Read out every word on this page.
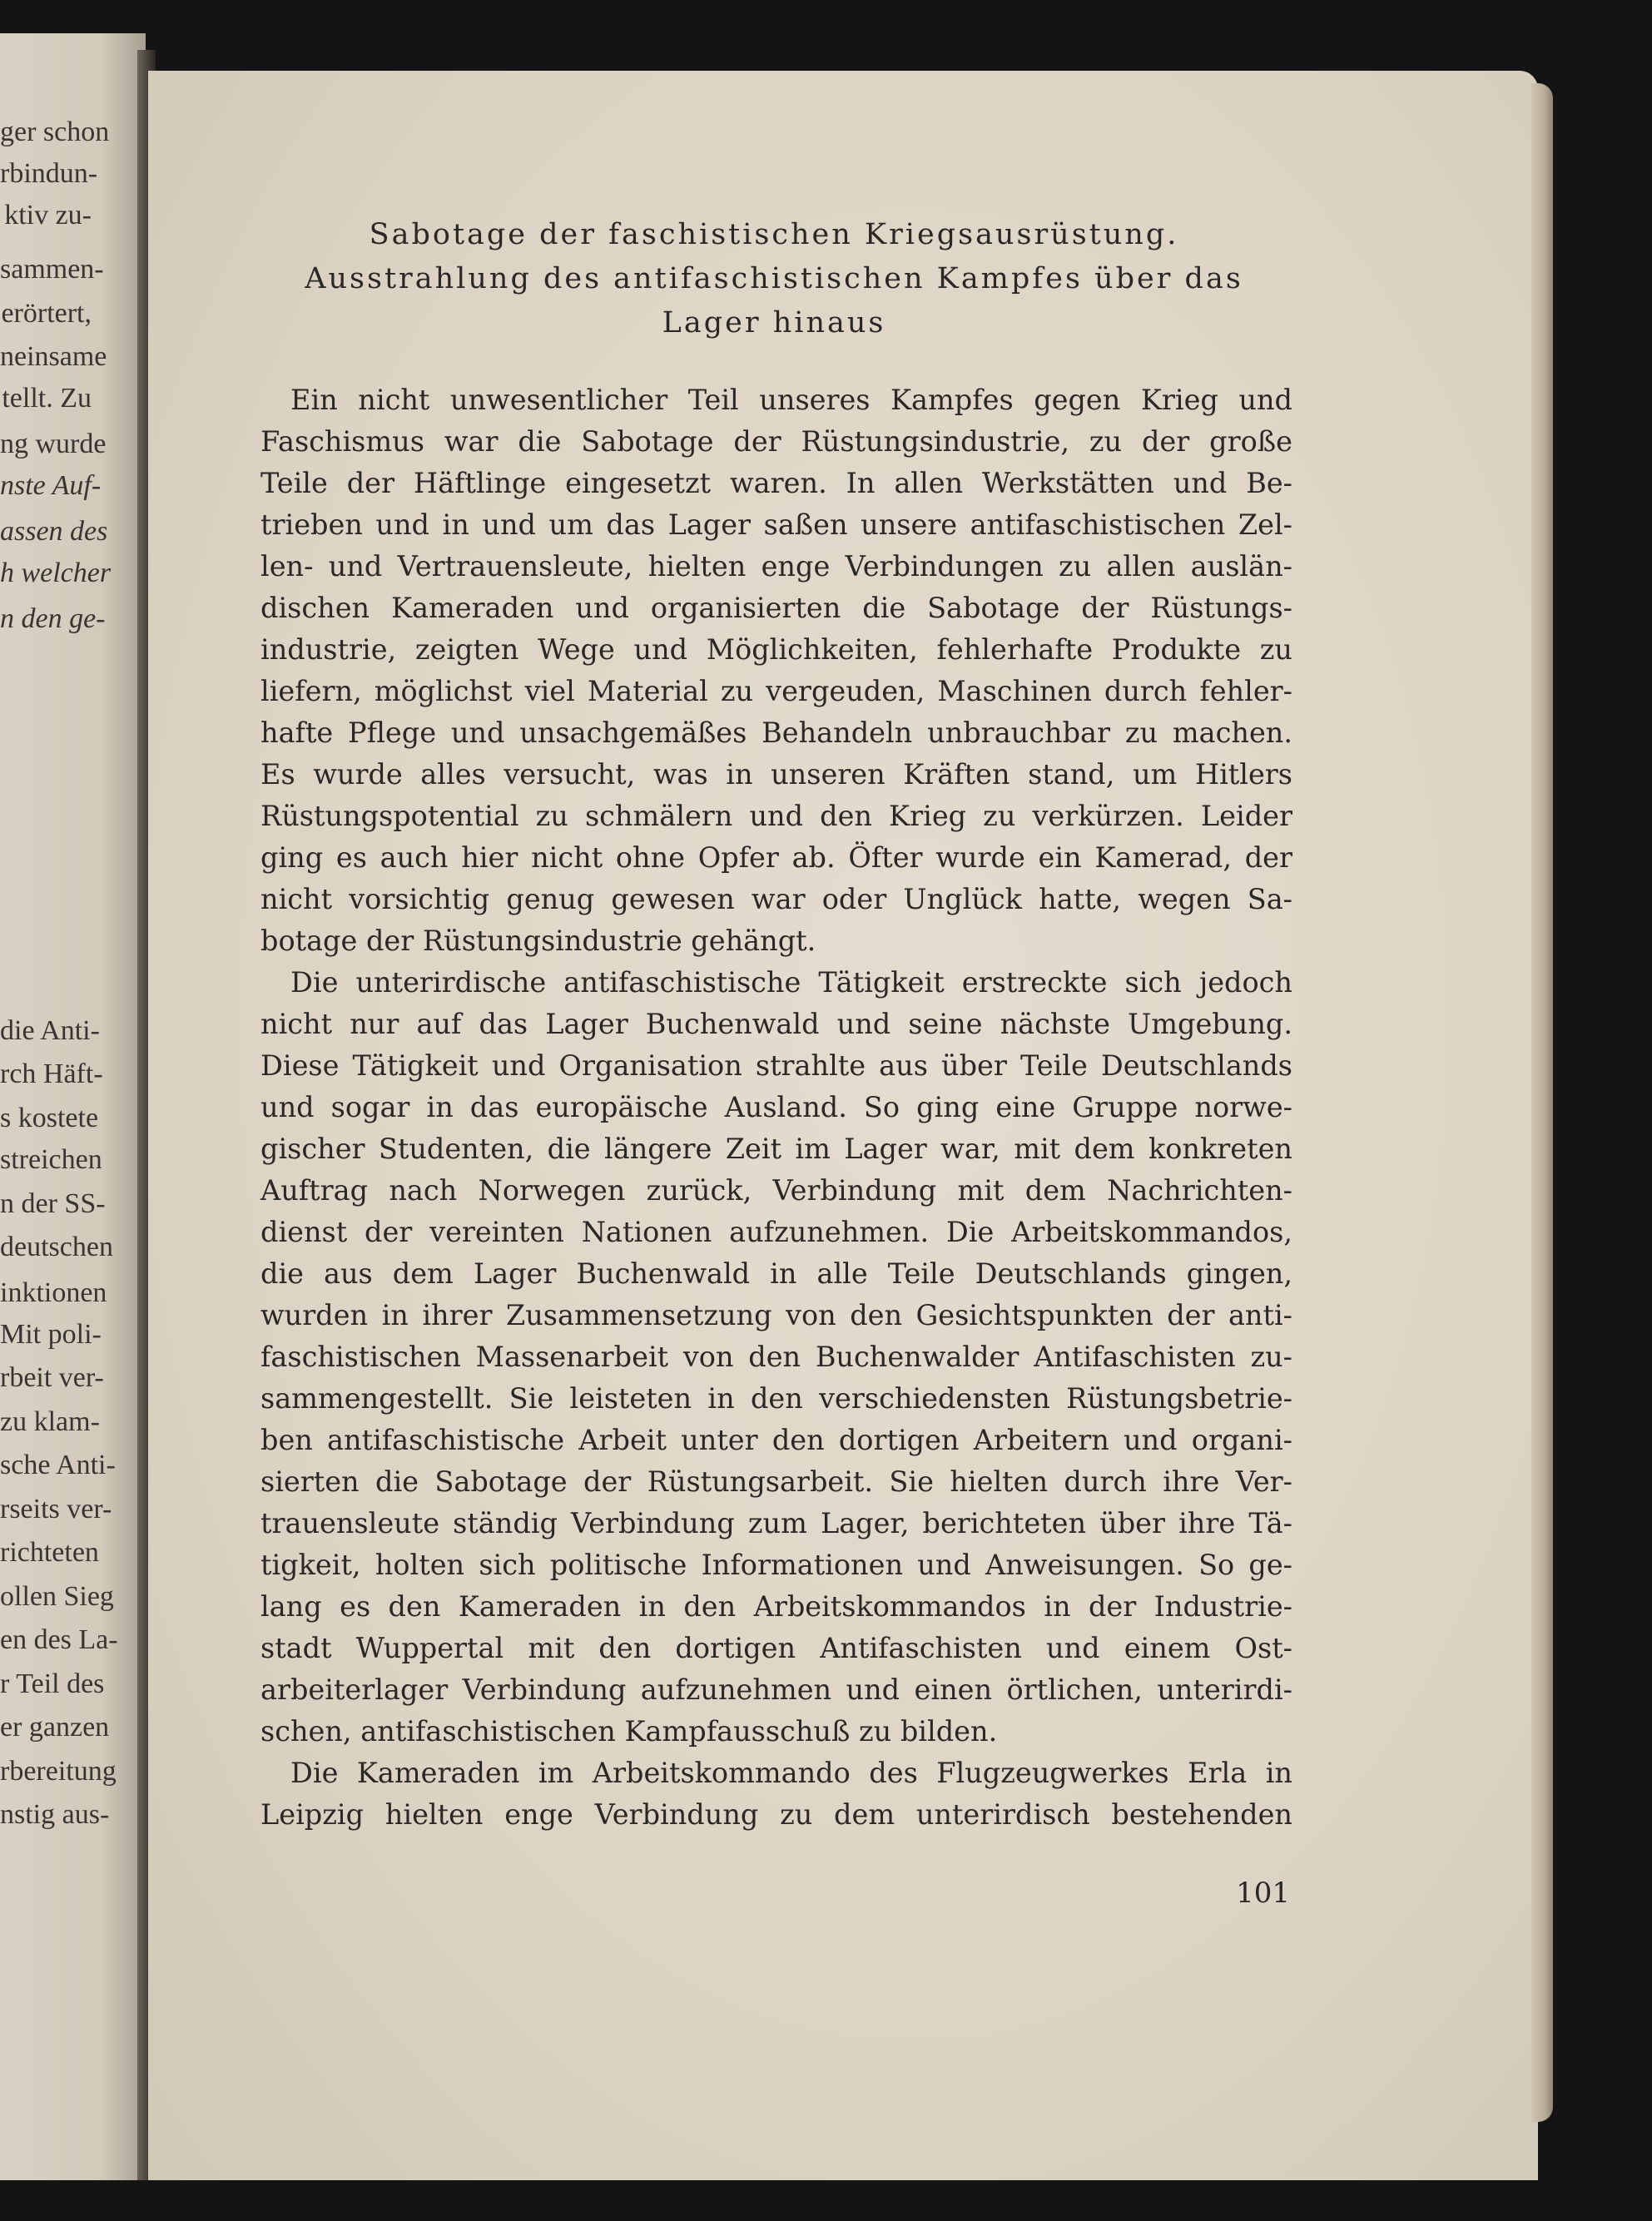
ger schon
rbindun-
ktiv zu-
sammen-
erörtert,
neinsame
tellt. Zu
ng wurde
nste Auf-
assen des
h welcher
n den ge-
die Anti-
rch Häft-
s kostete
streichen
n der SS-
deutschen
inktionen
Mit poli-
rbeit ver-
zu klam-
sche Anti-
rseits ver-
richteten
ollen Sieg
en des La-
r Teil des
er ganzen
rbereitung
nstig aus-
Sabotage der faschistischen Kriegsausrüstung.
Ausstrahlung des antifaschistischen Kampfes über das
Lager hinaus

Ein nicht unwesentlicher Teil unseres Kampfes gegen Krieg und
Faschismus war die Sabotage der Rüstungsindustrie, zu der große
Teile der Häftlinge eingesetzt waren. In allen Werkstätten und Be-
trieben und in und um das Lager saßen unsere antifaschistischen Zel-
len- und Vertrauensleute, hielten enge Verbindungen zu allen auslän-
dischen Kameraden und organisierten die Sabotage der Rüstungs-
industrie, zeigten Wege und Möglichkeiten, fehlerhafte Produkte zu
liefern, möglichst viel Material zu vergeuden, Maschinen durch fehler-
hafte Pflege und unsachgemäßes Behandeln unbrauchbar zu machen.
Es wurde alles versucht, was in unseren Kräften stand, um Hitlers
Rüstungspotential zu schmälern und den Krieg zu verkürzen. Leider
ging es auch hier nicht ohne Opfer ab. Öfter wurde ein Kamerad, der
nicht vorsichtig genug gewesen war oder Unglück hatte, wegen Sa-
botage der Rüstungsindustrie gehängt.

Die unterirdische antifaschistische Tätigkeit erstreckte sich jedoch
nicht nur auf das Lager Buchenwald und seine nächste Umgebung.
Diese Tätigkeit und Organisation strahlte aus über Teile Deutschlands
und sogar in das europäische Ausland. So ging eine Gruppe norwe-
gischer Studenten, die längere Zeit im Lager war, mit dem konkreten
Auftrag nach Norwegen zurück, Verbindung mit dem Nachrichten-
dienst der vereinten Nationen aufzunehmen. Die Arbeitskommandos,
die aus dem Lager Buchenwald in alle Teile Deutschlands gingen,
wurden in ihrer Zusammensetzung von den Gesichtspunkten der anti-
faschistischen Massenarbeit von den Buchenwalder Antifaschisten zu-
sammengestellt. Sie leisteten in den verschiedensten Rüstungsbetrie-
ben antifaschistische Arbeit unter den dortigen Arbeitern und organi-
sierten die Sabotage der Rüstungsarbeit. Sie hielten durch ihre Ver-
trauensleute ständig Verbindung zum Lager, berichteten über ihre Tä-
tigkeit, holten sich politische Informationen und Anweisungen. So ge-
lang es den Kameraden in den Arbeitskommandos in der Industrie-
stadt Wuppertal mit den dortigen Antifaschisten und einem Ost-
arbeiterlager Verbindung aufzunehmen und einen örtlichen, unterirdi-
schen, antifaschistischen Kampfausschuß zu bilden.

Die Kameraden im Arbeitskommando des Flugzeugwerkes Erla in
Leipzig hielten enge Verbindung zu dem unterirdisch bestehenden

101
